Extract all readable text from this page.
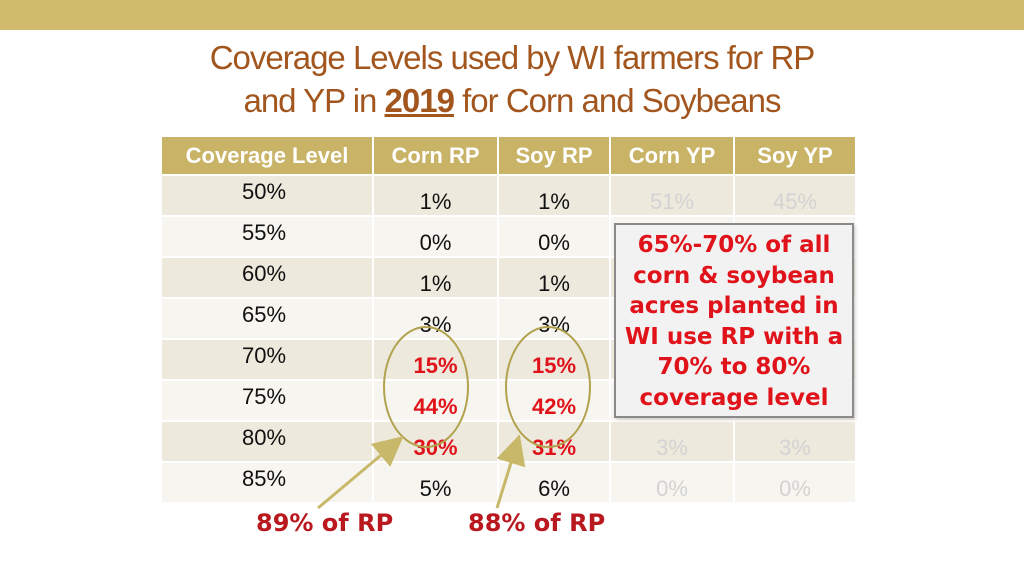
Coverage Levels used by WI farmers for RP
and YP in 2019 for Corn and Soybeans
Coverage Level	Corn RP	Soy RP	Corn YP	Soy YP
50%	1%	1%	51%	45%
55%	0%	0%		
60%	1%	1%		
65%	3%	3%		
70%	15%	15%		
75%	44%	42%		
80%	30%	31%	3%	3%
85%	5%	6%	0%	0%
65%-70% of all
corn & soybean
acres planted in
WI use RP with a
70% to 80%
coverage level
89% of RP	88% of RP
